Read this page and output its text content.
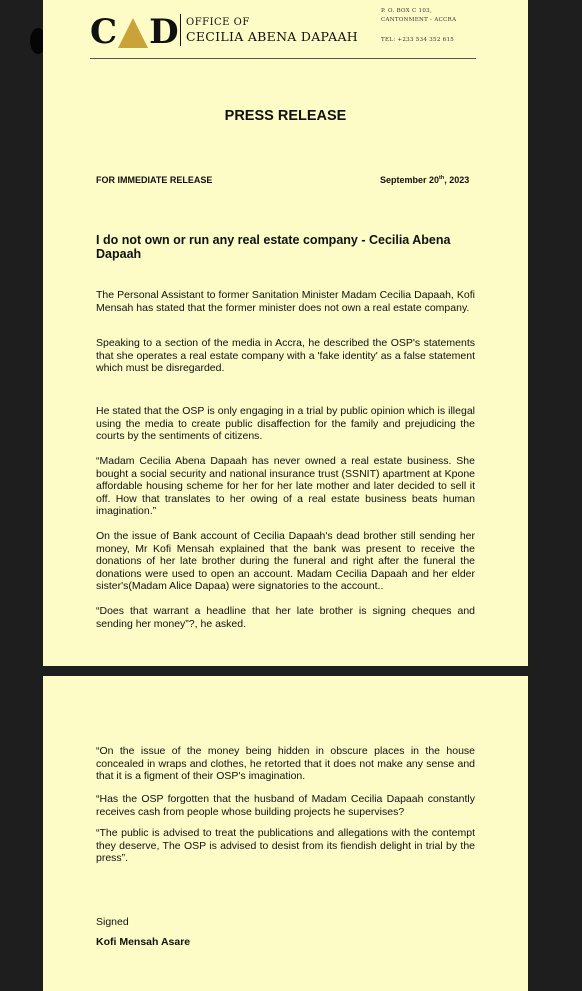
C D OFFICE OF
CECILIA ABENA DAPAAH
P. O. BOX C 103,
CANTONMENT - ACCRA
TEL: +233 534 352 615
PRESS RELEASE
FOR IMMEDIATE RELEASE	September 20th, 2023
I do not own or run any real estate company - Cecilia Abena Dapaah
The Personal Assistant to former Sanitation Minister Madam Cecilia Dapaah, Kofi Mensah has stated that the former minister does not own a real estate company.
Speaking to a section of the media in Accra, he described the OSP's statements that she operates a real estate company with a 'fake identity' as a false statement which must be disregarded.
He stated that the OSP is only engaging in a trial by public opinion which is illegal using the media to create public disaffection for the family and prejudicing the courts by the sentiments of citizens.
“Madam Cecilia Abena Dapaah has never owned a real estate business. She bought a social security and national insurance trust (SSNIT) apartment at Kpone affordable housing scheme for her for her late mother and later decided to sell it off. How that translates to her owing of a real estate business beats human imagination.”
On the issue of Bank account of Cecilia Dapaah's dead brother still sending her money, Mr Kofi Mensah explained that the bank was present to receive the donations of her late brother during the funeral and right after the funeral the donations were used to open an account. Madam Cecilia Dapaah and her elder sister's(Madam Alice Dapaa) were signatories to the account..
“Does that warrant a headline that her late brother is signing cheques and sending her money”?, he asked.
“On the issue of the money being hidden in obscure places in the house concealed in wraps and clothes, he retorted that it does not make any sense and that it is a figment of their OSP's imagination.
“Has the OSP forgotten that the husband of Madam Cecilia Dapaah constantly receives cash from people whose building projects he supervises?
“The public is advised to treat the publications and allegations with the contempt they deserve, The OSP is advised to desist from its fiendish delight in trial by the press”.
Signed
Kofi Mensah Asare
